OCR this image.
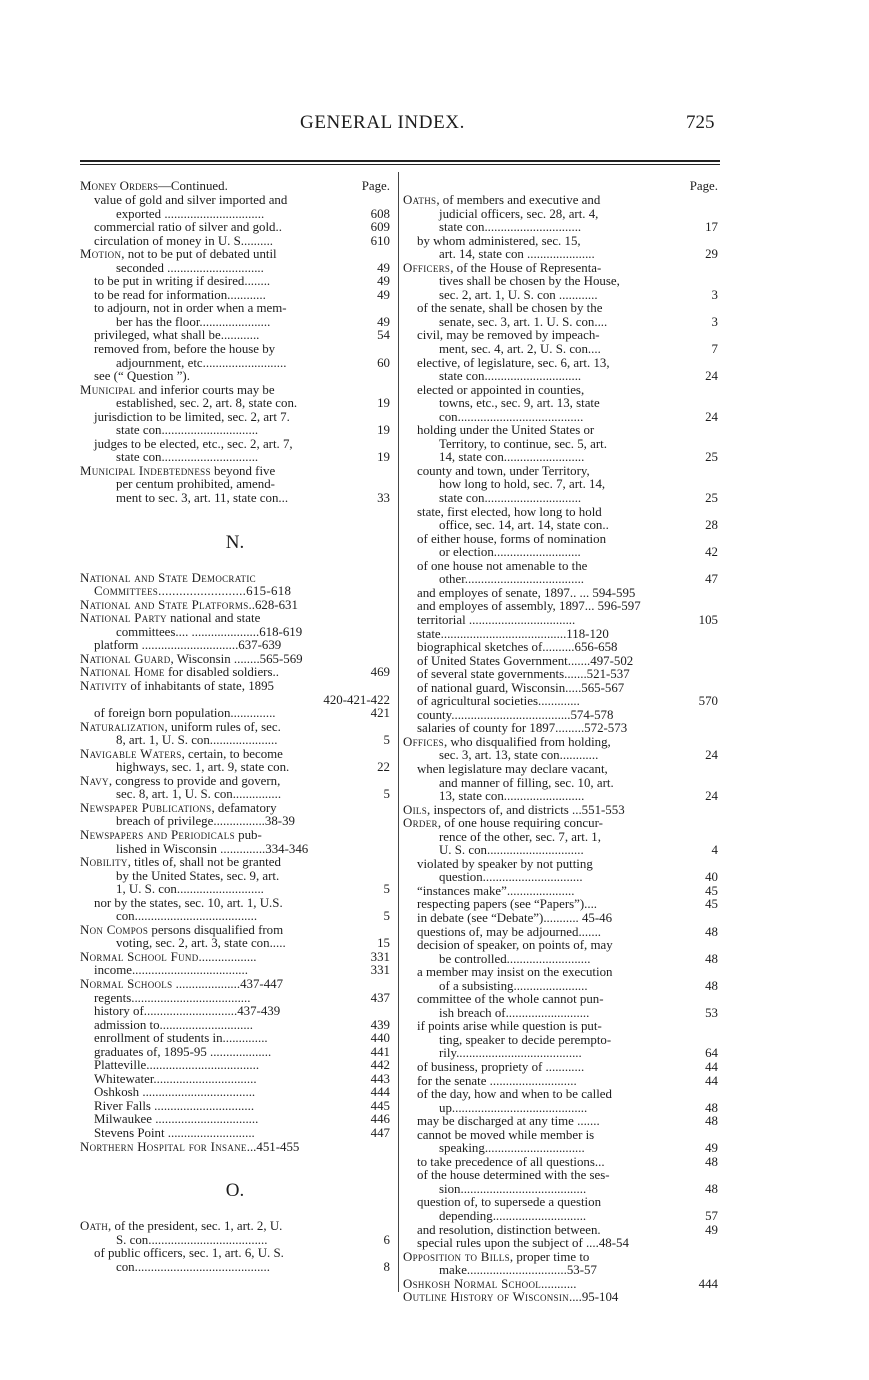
GENERAL INDEX.	725
Money Orders—Continued.	Page.
value of gold and silver imported and
exported ...............................	608
commercial ratio of silver and gold..	609
circulation of money in U. S..........	610
Motion, not to be put of debated until
seconded ..............................	49
to be put in writing if desired........	49
to be read for information............	49
to adjourn, not in order when a mem-
ber has the floor......................	49
privileged, what shall be............	54
removed from, before the house by
adjournment, etc..........................	60
see (“ Question ”).
Municipal and inferior courts may be
established, sec. 2, art. 8, state con.	19
jurisdiction to be limited, sec. 2, art 7.
state con..............................	19
judges to be elected, etc., sec. 2, art. 7,
state con..............................	19
Municipal Indebtedness beyond five
per centum prohibited, amend-
ment to sec. 3, art. 11, state con...	33
N.
National and State Democratic
Committees.........................615-618
National and State Platforms..628-631
National Party national and state
committees.... .....................618-619
platform ..............................637-639
National Guard, Wisconsin ........565-569
National Home for disabled soldiers..	469
Nativity of inhabitants of state, 1895
420-421-422
of foreign born population..............	421
Naturalization, uniform rules of, sec.
8, art. 1, U. S. con.....................	5
Navigable Waters, certain, to become
highways, sec. 1, art. 9, state con.	22
Navy, congress to provide and govern,
sec. 8, art. 1, U. S. con...............	5
Newspaper Publications, defamatory
breach of privilege................38-39
Newspapers and Periodicals pub-
lished in Wisconsin ..............334-346
Nobility, titles of, shall not be granted
by the United States, sec. 9, art.
1, U. S. con...........................	5
nor by the states, sec. 10, art. 1, U.S.
con......................................	5
Non Compos persons disqualified from
voting, sec. 2, art. 3, state con.....	15
Normal School Fund..................	331
income....................................	331
Normal Schools ....................437-447
regents.....................................	437
history of.............................437-439
admission to.............................	439
enrollment of students in..............	440
graduates of, 1895-95 ...................	441
Platteville...................................	442
Whitewater................................	443
Oshkosh ...................................	444
River Falls ...............................	445
Milwaukee ................................	446
Stevens Point ...........................	447
Northern Hospital for Insane...451-455
O.
Oath, of the president, sec. 1, art. 2, U.
S. con.....................................	6
of public officers, sec. 1, art. 6, U. S.
con..........................................	8
Page.
Oaths, of members and executive and
judicial officers, sec. 28, art. 4,
state con..............................	17
by whom administered, sec. 15,
art. 14, state con .....................	29
Officers, of the House of Representa-
tives shall be chosen by the House,
sec. 2, art. 1, U. S. con ............	3
of the senate, shall be chosen by the
senate, sec. 3, art. 1. U. S. con....	3
civil, may be removed by impeach-
ment, sec. 4, art. 2, U. S. con....	7
elective, of legislature, sec. 6, art. 13,
state con..............................	24
elected or appointed in counties,
towns, etc., sec. 9, art. 13, state
con.......................................	24
holding under the United States or
Territory, to continue, sec. 5, art.
14, state con.........................	25
county and town, under Territory,
how long to hold, sec. 7, art. 14,
state con..............................	25
state, first elected, how long to hold
office, sec. 14, art. 14, state con..	28
of either house, forms of nomination
or election...........................	42
of one house not amenable to the
other.....................................	47
and employes of senate, 1897.. ... 594-595
and employes of assembly, 1897... 596-597
territorial .................................	105
state.......................................118-120
biographical sketches of..........656-658
of United States Government.......497-502
of several state governments.......521-537
of national guard, Wisconsin.....565-567
of agricultural societies.............	570
county.....................................574-578
salaries of county for 1897.........572-573
Offices, who disqualified from holding,
sec. 3, art. 13, state con............	24
when legislature may declare vacant,
and manner of filling, sec. 10, art.
13, state con.........................	24
Oils, inspectors of, and districts ...551-553
Order, of one house requiring concur-
rence of the other, sec. 7, art. 1,
U. S. con..............................	4
violated by speaker by not putting
question...............................	40
“instances make”.....................	45
respecting papers (see “Papers”)....	45
in debate (see “Debate”)........... 45-46
questions of, may be adjourned.......	48
decision of speaker, on points of, may
be controlled..........................	48
a member may insist on the execution
of a subsisting.......................	48
committee of the whole cannot pun-
ish breach of..........................	53
if points arise while question is put-
ting, speaker to decide perempto-
rily.......................................	64
of business, propriety of ............	44
for the senate ...........................	44
of the day, how and when to be called
up..........................................	48
may be discharged at any time .......	48
cannot be moved while member is
speaking...............................	49
to take precedence of all questions...	48
of the house determined with the ses-
sion.......................................	48
question of, to supersede a question
depending.............................	57
and resolution, distinction between.	49
special rules upon the subject of ....48-54
Opposition to Bills, proper time to
make...............................53-57
Oshkosh Normal School...........	444
Outline History of Wisconsin....95-104
